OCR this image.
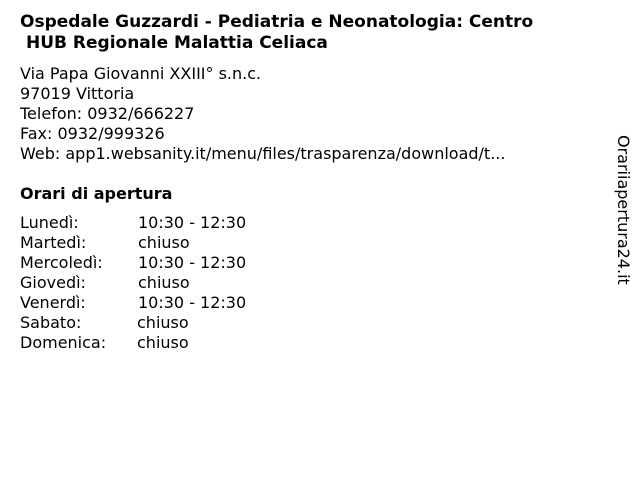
Ospedale Guzzardi - Pediatria e Neonatologia: Centro
HUB Regionale Malattia Celiaca
Via Papa Giovanni XXIII° s.n.c.
97019 Vittoria
Telefon: 0932/666227
Fax: 0932/999326
Web: app1.websanity.it/menu/files/trasparenza/download/t...
Orari di apertura
Lunedì:	10:30 - 12:30
Martedì:	chiuso
Mercoledì: 10:30 - 12:30
Giovedì:	chiuso
Venerdì:	10:30 - 12:30
Sabato:	chiuso
Domenica: chiuso
Orariiapertura24.it
